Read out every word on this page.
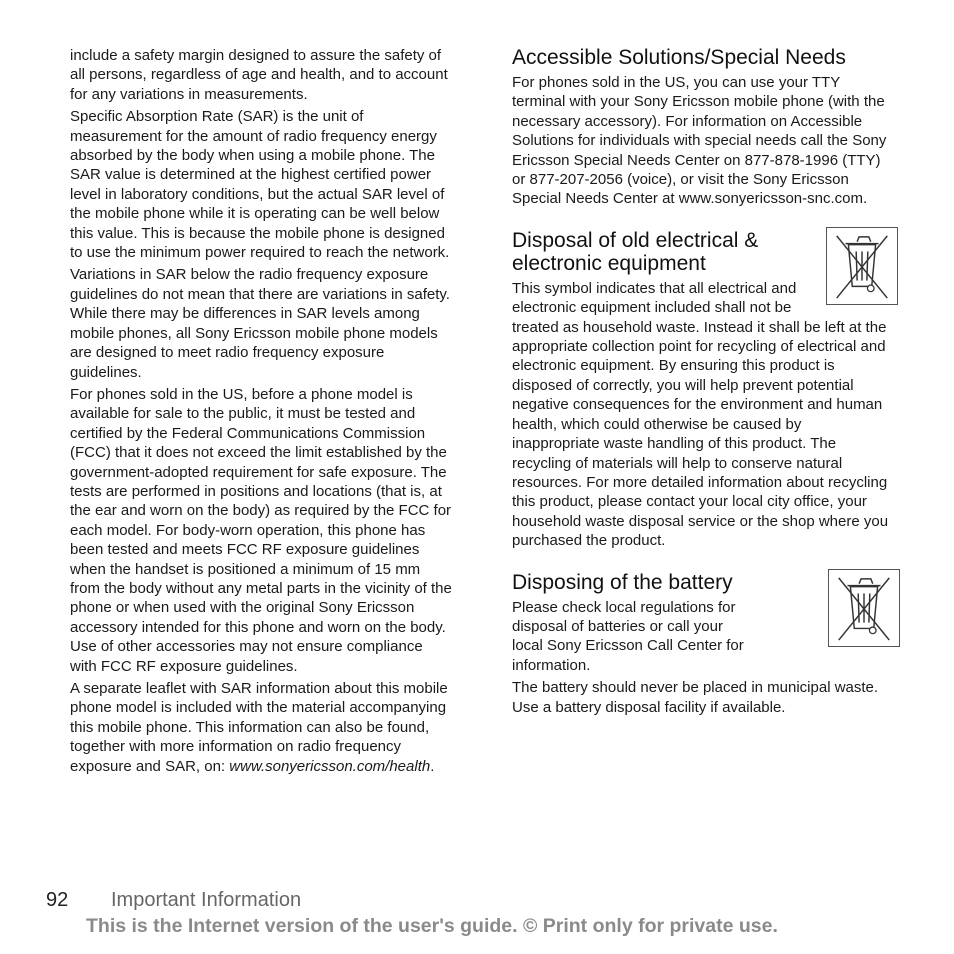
include a safety margin designed to assure the safety of all persons, regardless of age and health, and to account for any variations in measurements.

Specific Absorption Rate (SAR) is the unit of measurement for the amount of radio frequency energy absorbed by the body when using a mobile phone. The SAR value is determined at the highest certified power level in laboratory conditions, but the actual SAR level of the mobile phone while it is operating can be well below this value. This is because the mobile phone is designed to use the minimum power required to reach the network.

Variations in SAR below the radio frequency exposure guidelines do not mean that there are variations in safety. While there may be differences in SAR levels among mobile phones, all Sony Ericsson mobile phone models are designed to meet radio frequency exposure guidelines.

For phones sold in the US, before a phone model is available for sale to the public, it must be tested and certified by the Federal Communications Commission (FCC) that it does not exceed the limit established by the government-adopted requirement for safe exposure. The tests are performed in positions and locations (that is, at the ear and worn on the body) as required by the FCC for each model. For body-worn operation, this phone has been tested and meets FCC RF exposure guidelines when the handset is positioned a minimum of 15 mm from the body without any metal parts in the vicinity of the phone or when used with the original Sony Ericsson accessory intended for this phone and worn on the body. Use of other accessories may not ensure compliance with FCC RF exposure guidelines.

A separate leaflet with SAR information about this mobile phone model is included with the material accompanying this mobile phone. This information can also be found, together with more information on radio frequency exposure and SAR, on: www.sonyericsson.com/health.

Accessible Solutions/Special Needs

For phones sold in the US, you can use your TTY terminal with your Sony Ericsson mobile phone (with the necessary accessory). For information on Accessible Solutions for individuals with special needs call the Sony Ericsson Special Needs Center on 877-878-1996 (TTY) or 877-207-2056 (voice), or visit the Sony Ericsson Special Needs Center at www.sonyericsson-snc.com.

Disposal of old electrical & electronic equipment

This symbol indicates that all electrical and electronic equipment included shall not be treated as household waste. Instead it shall be left at the appropriate collection point for recycling of electrical and electronic equipment. By ensuring this product is disposed of correctly, you will help prevent potential negative consequences for the environment and human health, which could otherwise be caused by inappropriate waste handling of this product. The recycling of materials will help to conserve natural resources. For more detailed information about recycling this product, please contact your local city office, your household waste disposal service or the shop where you purchased the product.

Disposing of the battery

Please check local regulations for disposal of batteries or call your local Sony Ericsson Call Center for information.

The battery should never be placed in municipal waste. Use a battery disposal facility if available.

92 Important Information
This is the Internet version of the user's guide. © Print only for private use.
